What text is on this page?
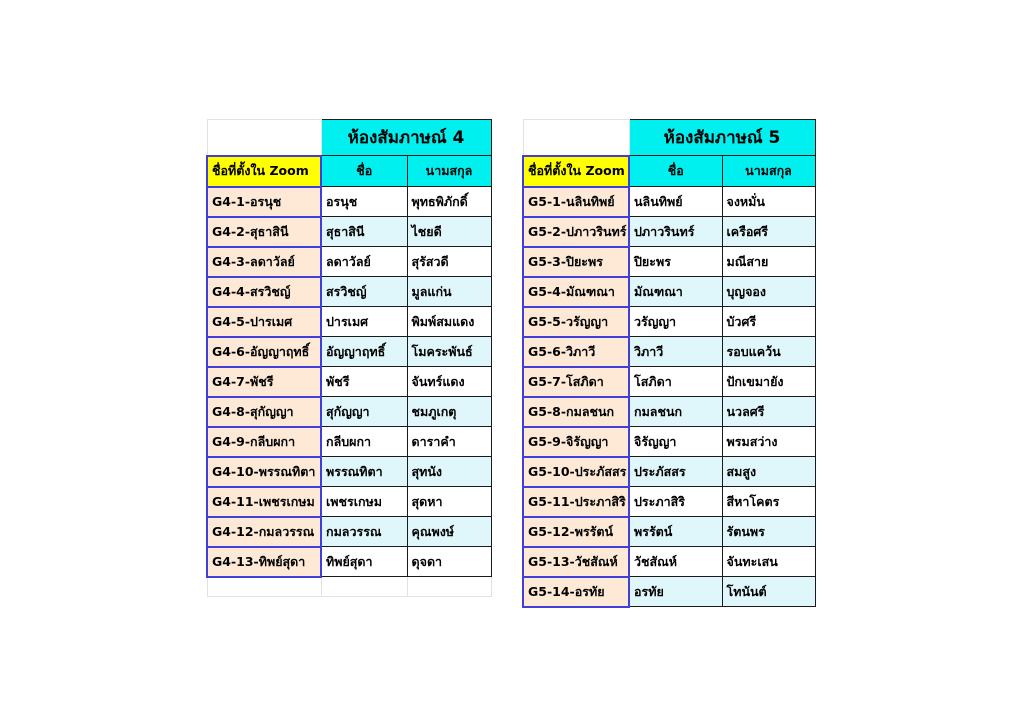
	ห้องสัมภาษณ์ 4	
ชื่อที่ตั้งใน Zoom	ชื่อ	นามสกุล
G4-1-อรนุช	อรนุช	พุทธพิภักดิ์
G4-2-สุธาสินี	สุธาสินี	ไชยดี
G4-3-ลดาวัลย์	ลดาวัลย์	สุรัสวดี
G4-4-สรวิชญ์	สรวิชญ์	มูลแก่น
G4-5-ปารเมศ	ปารเมศ	พิมพ์สมแดง
G4-6-อัญญาฤทธิ์	อัญญาฤทธิ์	โมคระพันธ์
G4-7-พัชรี	พัชรี	จันทร์แดง
G4-8-สุกัญญา	สุกัญญา	ชมภูเกตุ
G4-9-กลีบผกา	กลีบผกา	ดาราคำ
G4-10-พรรณทิตา	พรรณทิตา	สุทนัง
G4-11-เพชรเกษม	เพชรเกษม	สุดหา
G4-12-กมลวรรณ	กมลวรรณ	คุณพงษ์
G4-13-ทิพย์สุดา	ทิพย์สุดา	ดุจดา

	ห้องสัมภาษณ์ 5	
ชื่อที่ตั้งใน Zoom	ชื่อ	นามสกุล
G5-1-นลินทิพย์	นลินทิพย์	จงหมั่น
G5-2-ปภาวรินทร์	ปภาวรินทร์	เครือศรี
G5-3-ปิยะพร	ปิยะพร	มณีสาย
G5-4-มัณฑณา	มัณฑณา	บุญจอง
G5-5-วรัญญา	วรัญญา	บัวศรี
G5-6-วิภาวี	วิภาวี	รอบแคว้น
G5-7-โสภิดา	โสภิดา	ปักเขมายัง
G5-8-กมลชนก	กมลชนก	นวลศรี
G5-9-จิรัญญา	จิรัญญา	พรมสว่าง
G5-10-ประภัสสร	ประภัสสร	สมสูง
G5-11-ประภาสิริ	ประภาสิริ	สีหาโคตร
G5-12-พรรัตน์	พรรัตน์	รัตนพร
G5-13-วัชสัณห์	วัชสัณห์	จันทะเสน
G5-14-อรทัย	อรทัย	โทนันต์
